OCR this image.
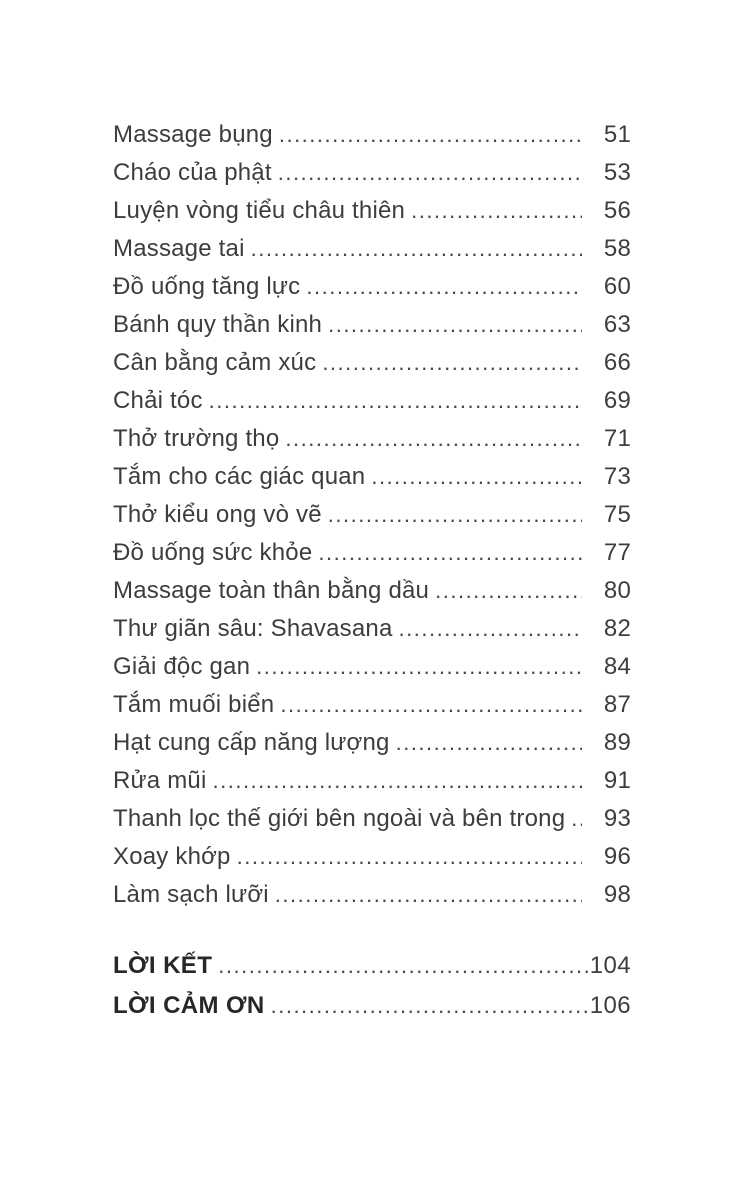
Massage bụng .....	51
Cháo của phật .....	53
Luyện vòng tiểu châu thiên .....	56
Massage tai .....	58
Đồ uống tăng lực .....	60
Bánh quy thần kinh .....	63
Cân bằng cảm xúc .....	66
Chải tóc .....	69
Thở trường thọ .....	71
Tắm cho các giác quan .....	73
Thở kiểu ong vò vẽ .....	75
Đồ uống sức khỏe .....	77
Massage toàn thân bằng dầu .....	80
Thư giãn sâu: Shavasana .....	82
Giải độc gan .....	84
Tắm muối biển .....	87
Hạt cung cấp năng lượng .....	89
Rửa mũi .....	91
Thanh lọc thế giới bên ngoài và bên trong .....	93
Xoay khớp .....	96
Làm sạch lưỡi .....	98
LỜI KẾT .....	104
LỜI CẢM ƠN .....	106
